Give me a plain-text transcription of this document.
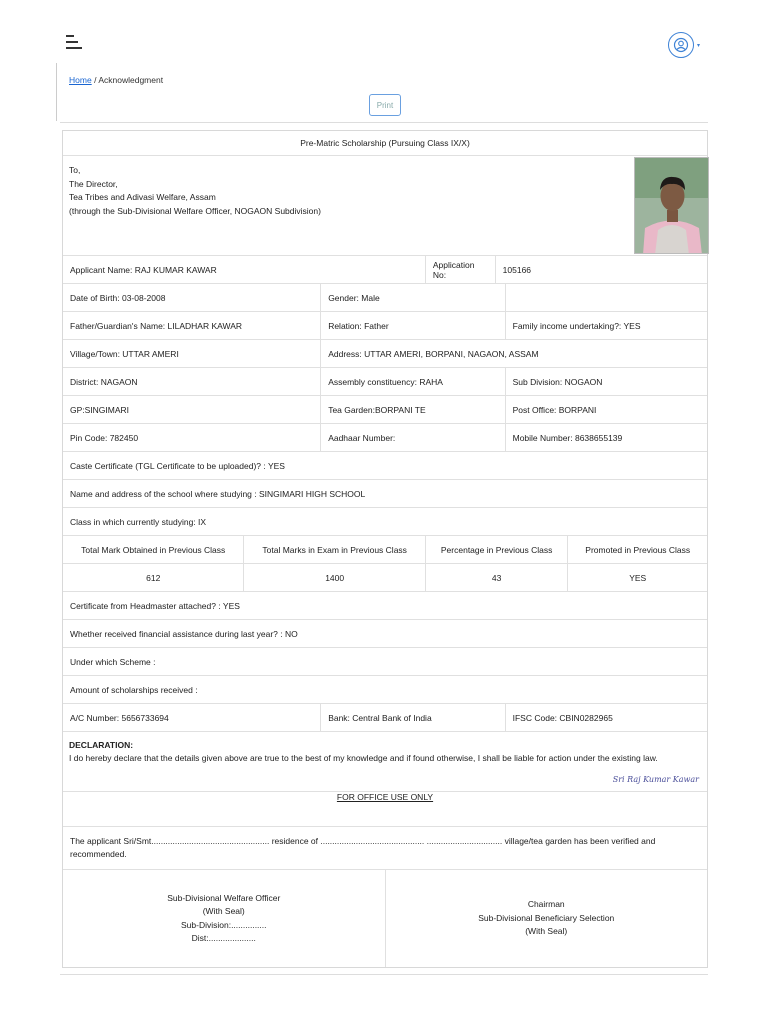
▾
Home / Acknowledgment
Print
Pre-Matric Scholarship (Pursuing Class IX/X)
To,
The Director,
Tea Tribes and Adivasi Welfare, Assam
(through the Sub-Divisional Welfare Officer, NOGAON Subdivision)
Applicant Name: RAJ KUMAR KAWAR	Application No:	105166
Date of Birth: 03-08-2008	Gender: Male
Father/Guardian's Name: LILADHAR KAWAR	Relation: Father	Family income undertaking?: YES
Village/Town: UTTAR AMERI	Address: UTTAR AMERI, BORPANI, NAGAON, ASSAM
District: NAGAON	Assembly constituency: RAHA	Sub Division: NOGAON
GP:SINGIMARI	Tea Garden:BORPANI TE	Post Office: BORPANI
Pin Code: 782450	Aadhaar Number:	Mobile Number: 8638655139
Caste Certificate (TGL Certificate to be uploaded)? : YES
Name and address of the school where studying : SINGIMARI HIGH SCHOOL
Class in which currently studying: IX
Total Mark Obtained in Previous Class	Total Marks in Exam in Previous Class	Percentage in Previous Class	Promoted in Previous Class
612	1400	43	YES
Certificate from Headmaster attached? : YES
Whether received financial assistance during last year? : NO
Under which Scheme :
Amount of scholarships received :
A/C Number: 5656733694	Bank: Central Bank of India	IFSC Code: CBIN0282965
DECLARATION:
I do hereby declare that the details given above are true to the best of my knowledge and if found otherwise, I shall be liable for action under the existing law.
Sri Raj Kumar Kawar
FOR OFFICE USE ONLY
The applicant Sri/Smt.................................................. residence of ............................................ ................................ village/tea garden has been verified and recommended.
Sub-Divisional Welfare Officer
(With Seal)
Sub-Division:...............
Dist:....................
Chairman
Sub-Divisional Beneficiary Selection
(With Seal)
